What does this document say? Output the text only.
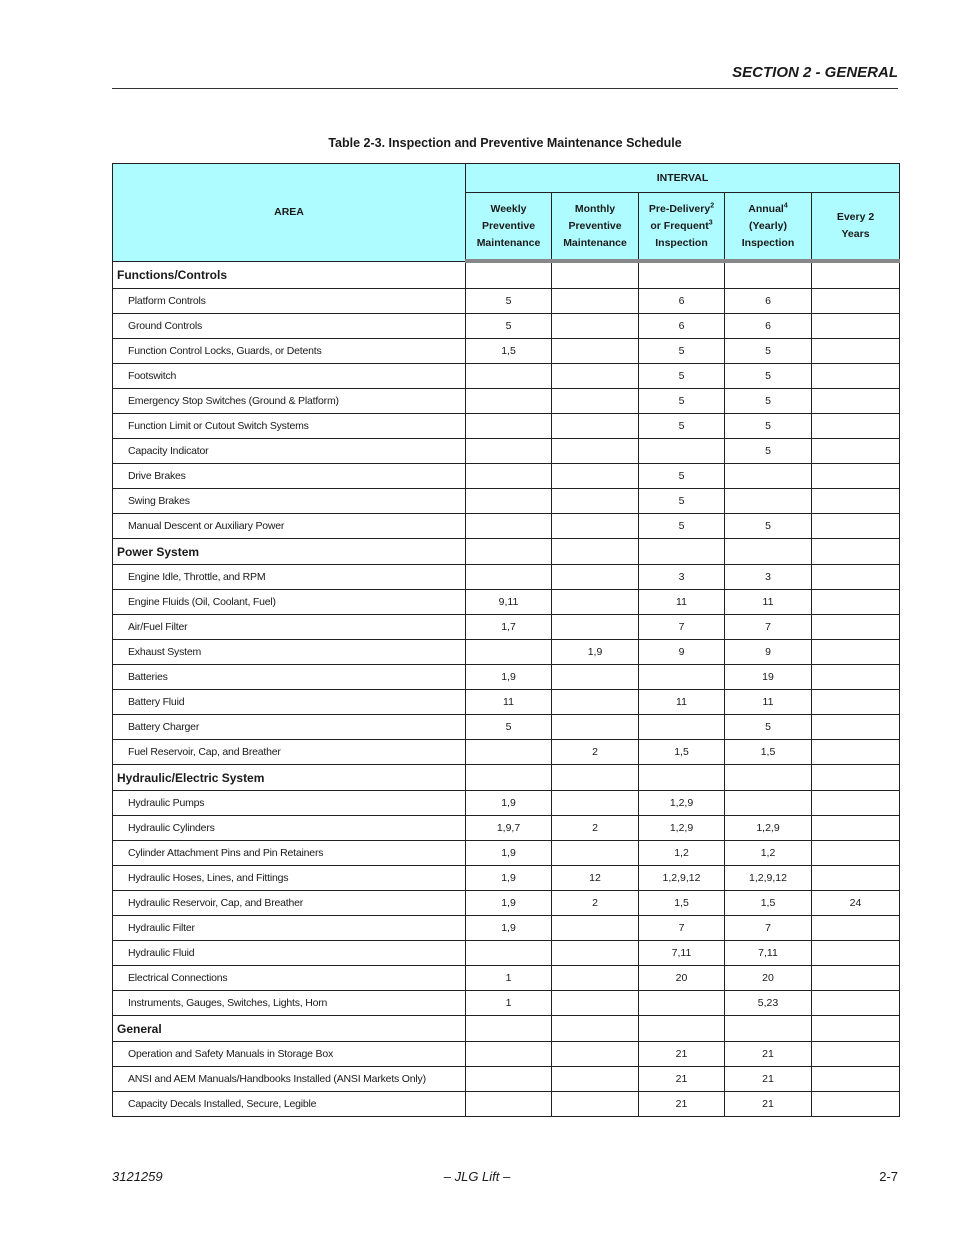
SECTION 2 - GENERAL
Table 2-3. Inspection and Preventive Maintenance Schedule
AREA	INTERVAL				
	Weekly
Preventive
Maintenance	Monthly
Preventive
Maintenance	Pre-Delivery$^2$
or Frequent$^3$
Inspection	Annual$^4$
(Yearly)
Inspection	Every 2
Years
Functions/Controls					
Platform Controls	5		6	6	
Ground Controls	5		6	6	
Function Control Locks, Guards, or Detents	1,5		5	5	
Footswitch			5	5	
Emergency Stop Switches (Ground & Platform)			5	5	
Function Limit or Cutout Switch Systems			5	5	
Capacity Indicator				5	
Drive Brakes			5		
Swing Brakes			5		
Manual Descent or Auxiliary Power			5	5	
Power System					
Engine Idle, Throttle, and RPM			3	3	
Engine Fluids (Oil, Coolant, Fuel)	9,11		11	11	
Air/Fuel Filter	1,7		7	7	
Exhaust System		1,9	9	9	
Batteries	1,9			19	
Battery Fluid	11		11	11	
Battery Charger	5			5	
Fuel Reservoir, Cap, and Breather		2	1,5	1,5	
Hydraulic/Electric System					
Hydraulic Pumps	1,9		1,2,9		
Hydraulic Cylinders	1,9,7	2	1,2,9	1,2,9	
Cylinder Attachment Pins and Pin Retainers	1,9		1,2	1,2	
Hydraulic Hoses, Lines, and Fittings	1,9	12	1,2,9,12	1,2,9,12	
Hydraulic Reservoir, Cap, and Breather	1,9	2	1,5	1,5	24
Hydraulic Filter	1,9		7	7	
Hydraulic Fluid			7,11	7,11	
Electrical Connections	1		20	20	
Instruments, Gauges, Switches, Lights, Horn	1			5,23	
General					
Operation and Safety Manuals in Storage Box			21	21	
ANSI and AEM Manuals/Handbooks Installed (ANSI Markets Only)			21	21	
Capacity Decals Installed, Secure, Legible			21	21	
3121259	– JLG Lift –	2-7
